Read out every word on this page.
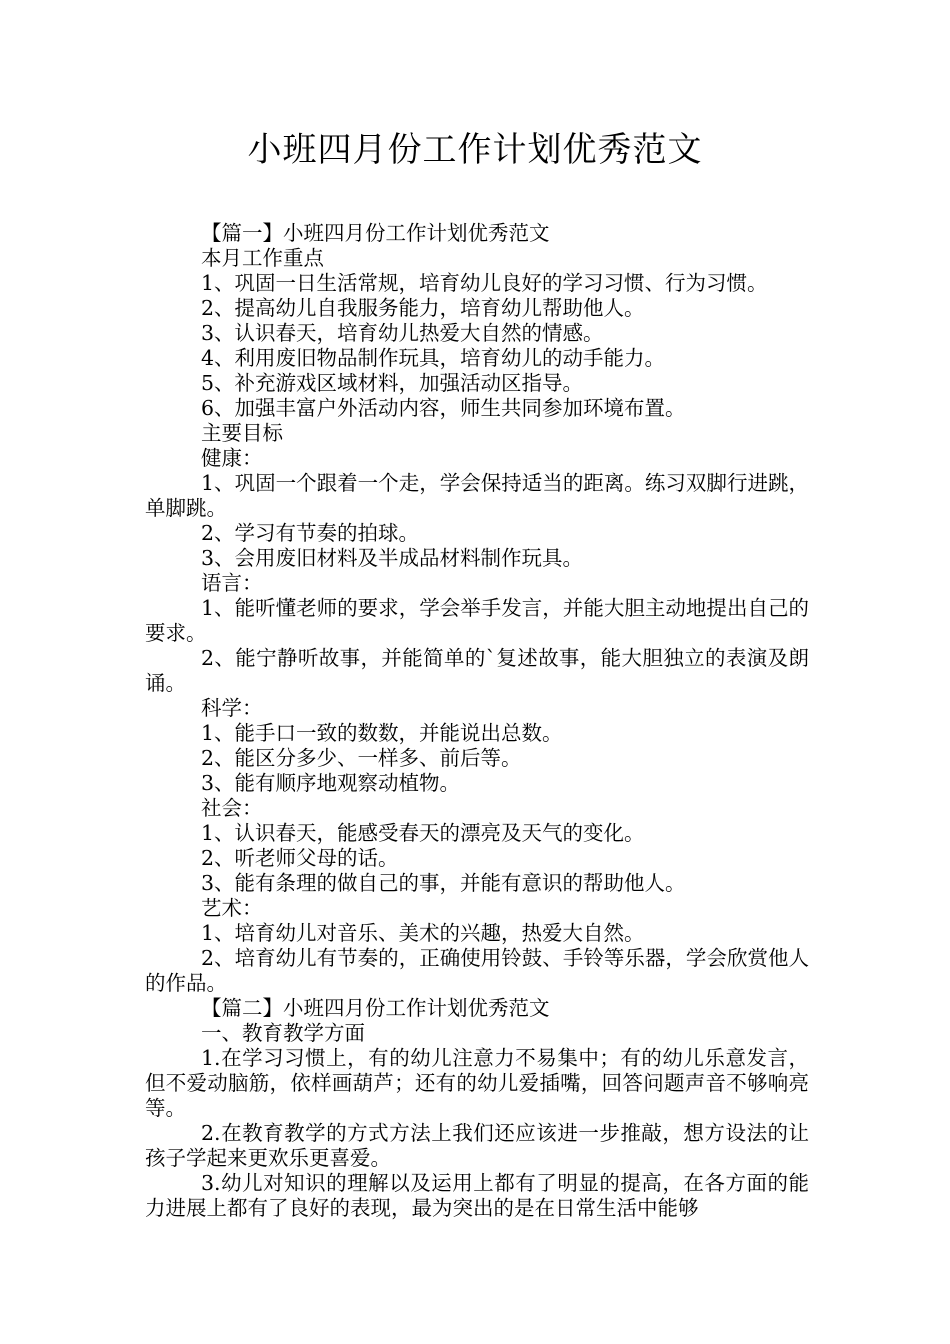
小班四月份工作计划优秀范文

【篇一】小班四月份工作计划优秀范文

本月工作重点

1、巩固一日生活常规，培育幼儿良好的学习习惯、行为习惯。

2、提高幼儿自我服务能力，培育幼儿帮助他人。

3、认识春天，培育幼儿热爱大自然的情感。

4、利用废旧物品制作玩具，培育幼儿的动手能力。

5、补充游戏区域材料，加强活动区指导。

6、加强丰富户外活动内容，师生共同参加环境布置。

主要目标

健康：

1、巩固一个跟着一个走，学会保持适当的距离。练习双脚行进跳，单脚跳。

2、学习有节奏的拍球。

3、会用废旧材料及半成品材料制作玩具。

语言：

1、能听懂老师的要求，学会举手发言，并能大胆主动地提出自己的要求。

2、能宁静听故事，并能简单的`复述故事，能大胆独立的表演及朗诵。

科学：

1、能手口一致的数数，并能说出总数。

2、能区分多少、一样多、前后等。

3、能有顺序地观察动植物。

社会：

1、认识春天，能感受春天的漂亮及天气的变化。

2、听老师父母的话。

3、能有条理的做自己的事，并能有意识的帮助他人。

艺术：

1、培育幼儿对音乐、美术的兴趣，热爱大自然。

2、培育幼儿有节奏的，正确使用铃鼓、手铃等乐器，学会欣赏他人的作品。

【篇二】小班四月份工作计划优秀范文

一、教育教学方面

1.在学习习惯上，有的幼儿注意力不易集中；有的幼儿乐意发言，但不爱动脑筋，依样画葫芦；还有的幼儿爱插嘴，回答问题声音不够响亮等。

2.在教育教学的方式方法上我们还应该进一步推敲，想方设法的让孩子学起来更欢乐更喜爱。

3.幼儿对知识的理解以及运用上都有了明显的提高，在各方面的能力进展上都有了良好的表现，最为突出的是在日常生活中能够
